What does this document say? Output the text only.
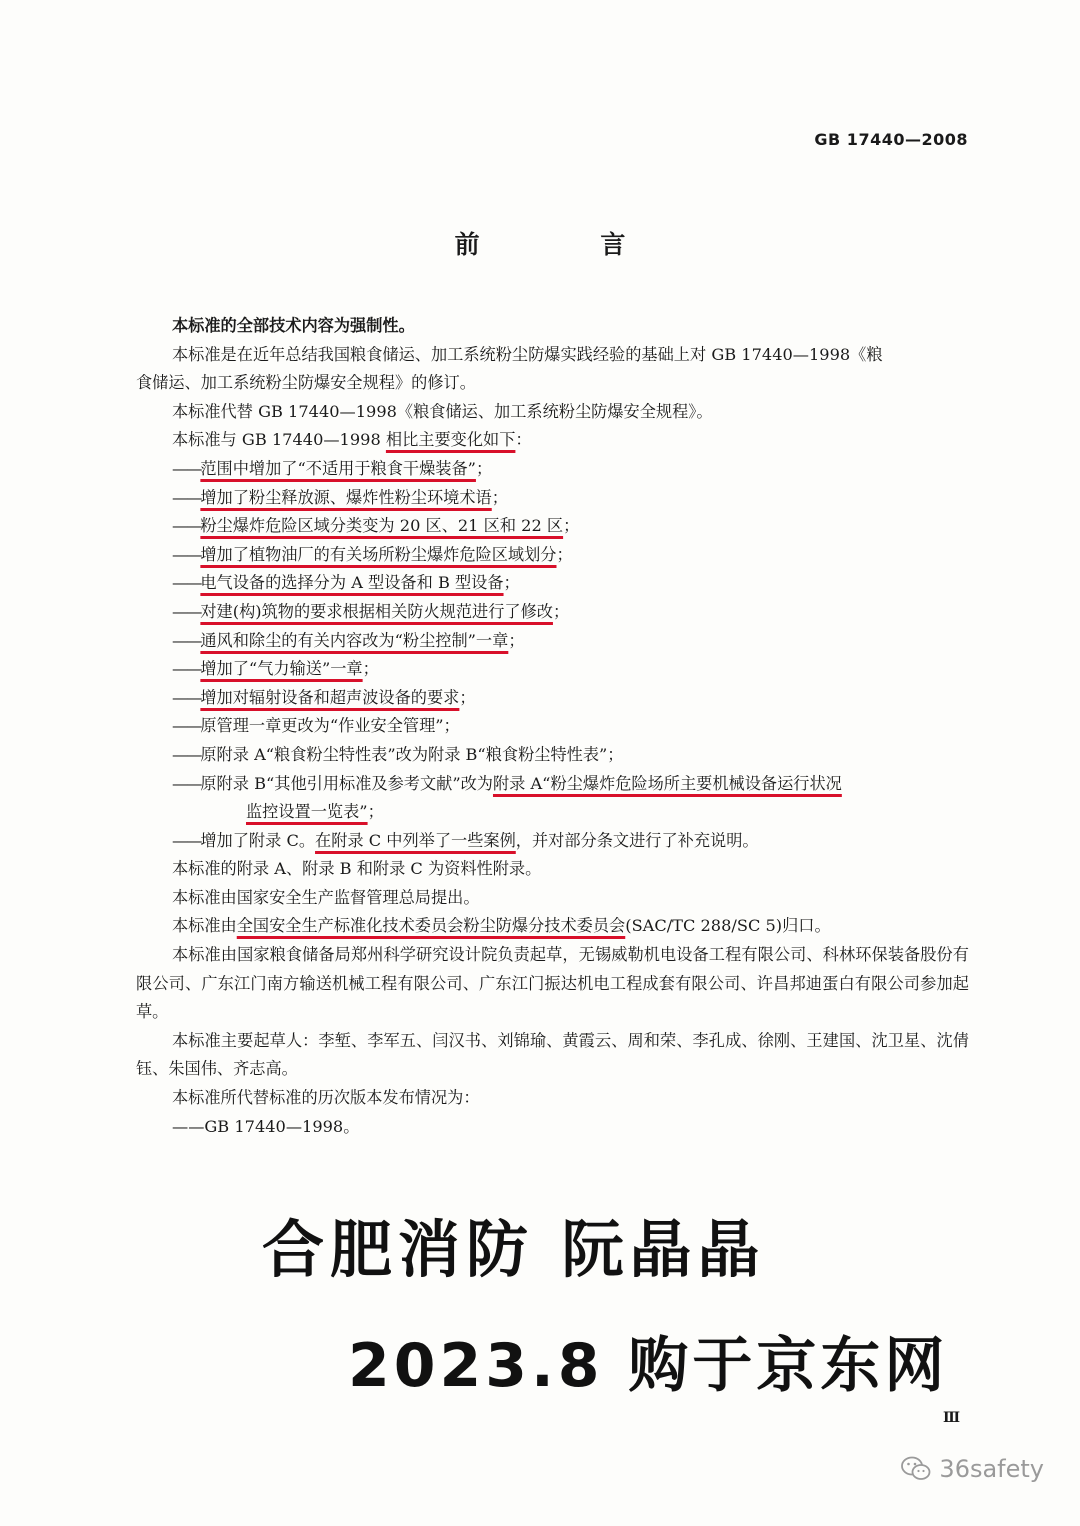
GB 17440—2008
前 言

本标准的全部技术内容为强制性。

本标准是在近年总结我国粮食储运、加工系统粉尘防爆实践经验的基础上对 GB 17440—1998《粮

食储运、加工系统粉尘防爆安全规程》的修订。

本标准代替 GB 17440—1998《粮食储运、加工系统粉尘防爆安全规程》。

本标准与 GB 17440—1998 相比主要变化如下：

——范围中增加了“不适用于粮食干燥装备”；

——增加了粉尘释放源、爆炸性粉尘环境术语；

——粉尘爆炸危险区域分类变为 20 区、21 区和 22 区；

——增加了植物油厂的有关场所粉尘爆炸危险区域划分；

——电气设备的选择分为 A 型设备和 B 型设备；

——对建(构)筑物的要求根据相关防火规范进行了修改；

——通风和除尘的有关内容改为“粉尘控制”一章；

——增加了“气力输送”一章；

——增加对辐射设备和超声波设备的要求；

——原管理一章更改为“作业安全管理”；

——原附录 A“粮食粉尘特性表”改为附录 B“粮食粉尘特性表”；

——原附录 B“其他引用标准及参考文献”改为附录 A“粉尘爆炸危险场所主要机械设备运行状况

监控设置一览表”；

——增加了附录 C。在附录 C 中列举了一些案例，并对部分条文进行了补充说明。

本标准的附录 A、附录 B 和附录 C 为资料性附录。

本标准由国家安全生产监督管理总局提出。

本标准由全国安全生产标准化技术委员会粉尘防爆分技术委员会(SAC/TC 288/SC 5)归口。

本标准由国家粮食储备局郑州科学研究设计院负责起草，无锡威勒机电设备工程有限公司、科林环保装备股份有限公司、广东江门南方输送机械工程有限公司、广东江门振达机电工程成套有限公司、许昌邦迪蛋白有限公司参加起草。

本标准主要起草人：李堑、李军五、闫汉书、刘锦瑜、黄霞云、周和荣、李孔成、徐刚、王建国、沈卫星、沈倩钰、朱国伟、齐志高。

本标准所代替标准的历次版本发布情况为：

——GB 17440—1998。

合肥消防 阮晶晶
2023.8 购于京东网
Ⅲ
36safety
